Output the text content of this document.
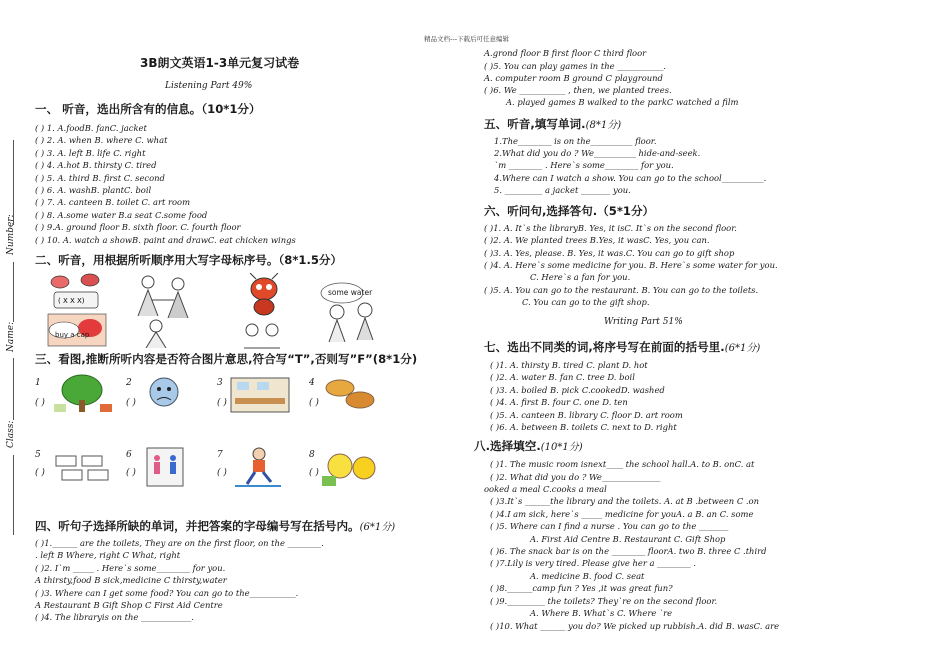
精品文档---下载后可任意编辑
Number:
Name:
Class:
3B朗文英语1-3单元复习试卷
Listening Part 49%
一、 听音，选出所含有的信息。（10*1分）
( ) 1. A.foodB. fanC. jacket
( ) 2. A. when B. where C. what
( ) 3. A. left B. life C. right
( ) 4. A.hot B. thirsty C. tired
( ) 5. A. third B. first C. second
( ) 6. A. washB. plantC. boil
( ) 7. A. canteen B. toilet C. art room
( ) 8. A.some water B.a seat C.some food
( ) 9.A. ground floor B. sixth floor. C. fourth floor
( ) 10. A. watch a showB. paint and drawC. eat chicken wings
二、听音，用根据所听顺序用大写字母标序号。（8*1.5分）
( X X X)
some water
buy a cap
三、看图,推断所听内容是否符合图片意思,符合写“T”,否则写”F”(8*1分)
1
( )
2
( )
3
( )
4
( )
5
( )
6
( )
7
( )
8
( )
四、听句子选择所缺的单词，并把答案的字母编号写在括号内。(6*1分)
( )1.______ are the toilets, They are on the first floor, on the ________.
. left B Where, right C What, right
( )2. I`m _____ . Here`s some________ for you.
A thirsty,food B sick,medicine C thirsty,water
( )3. Where can I get some food? You can go to the___________.
A Restaurant B Gift Shop C First Aid Centre
( )4. The libraryis on the ____________.
A.grond floor B first floor C third floor
( )5. You can play games in the ___________.
A. computer room B ground C playground
( )6. We ___________ , then, we planted trees.
A. played games B walked to the parkC watched a film
五、听音,填写单词.(8*1分)
1.The________ is on the__________ floor.
2.What did you do ? We__________ hide-and-seek.
`m ________ . Here`s some________ for you.
4.Where can I watch a show. You can go to the school__________.
5. _________ a jacket _______ you.
六、听问句,选择答句.（5*1分）
( )1. A. It`s the libraryB. Yes, it isC. It`s on the second floor.
( )2. A. We planted trees B.Yes, it wasC. Yes, you can.
( )3. A. Yes, please. B. Yes, it was.C. You can go to gift shop
( )4. A. Here`s some medicine for you. B. Here`s some water for you.
C. Here`s a fan for you.
( )5. A. You can go to the restaurant. B. You can go to the toilets.
C. You can go to the gift shop.
Writing Part 51%
七、选出不同类的词,将序号写在前面的括号里.(6*1分)
( )1. A. thirsty B. tired C. plant D. hot
( )2. A. water B. fan C. tree D. boil
( )3. A. boiled B. pick C.cookedD. washed
( )4. A. first B. four C. one D. ten
( )5. A. canteen B. library C. floor D. art room
( )6. A. between B. toilets C. next to D. right
八.选择填空.(10*1分)
( )1. The music room isnext____ the school hall.A. to B. onC. at
( )2. What did you do ? We______________
ooked a meal C.cooks a meal
( )3.It`s ______the library and the toilets. A. at B .between C .on
( )4.I am sick, here`s _____ medicine for youA. a B. an C. some
( )5. Where can I find a nurse . You can go to the _______
A. First Aid Centre B. Restaurant C. Gift Shop
( )6. The snack bar is on the ________ floorA. two B. three C .third
( )7.Lily is very tired. Please give her a ________ .
A. medicine B. food C. seat
( )8.______camp fun ? Yes ,it was great fun?
( )9._________ the toilets? They`re on the second floor.
A. Where B. What`s C. Where `re
( )10. What ______ you do? We picked up rubbish.A. did B. wasC. are
